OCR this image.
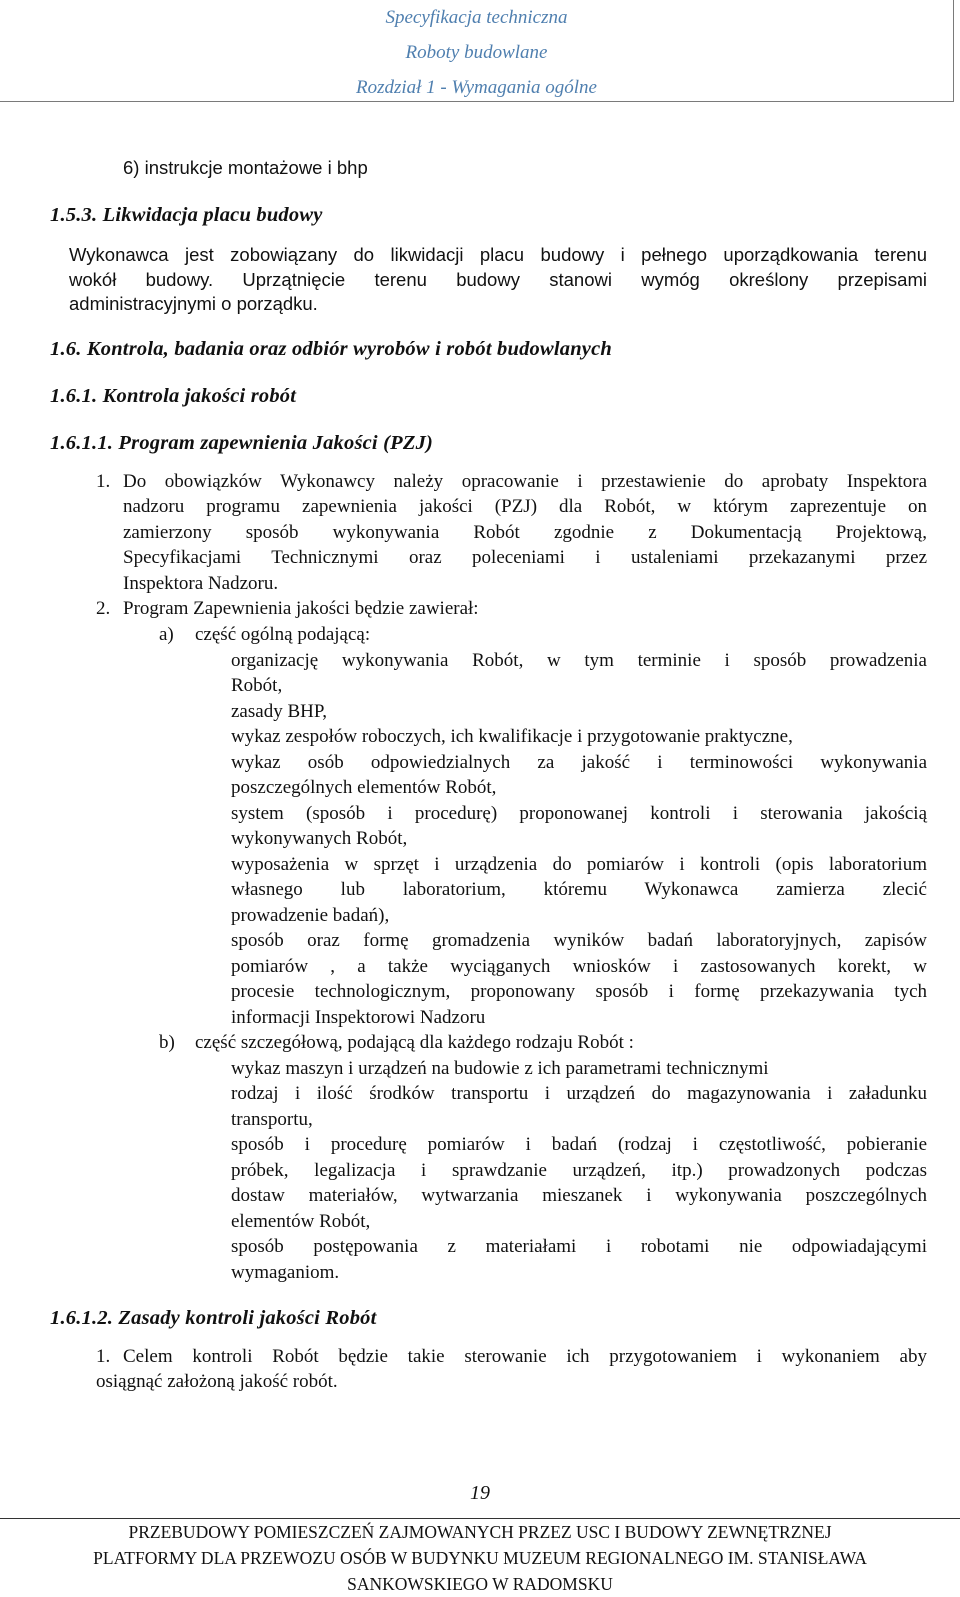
Specyfikacja techniczna
Roboty budowlane
Rozdział 1 - Wymagania ogólne
6) instrukcje montażowe i bhp
1.5.3. Likwidacja placu budowy
Wykonawca jest zobowiązany do likwidacji placu budowy i pełnego uporządkowania terenu
wokół budowy. Uprzątnięcie terenu budowy stanowi wymóg określony przepisami
administracyjnymi o porządku.
1.6. Kontrola, badania oraz odbiór wyrobów i robót budowlanych
1.6.1. Kontrola jakości robót
1.6.1.1. Program zapewnienia Jakości (PZJ)
1. Do obowiązków Wykonawcy należy opracowanie i przestawienie do aprobaty Inspektora
nadzoru programu zapewnienia jakości (PZJ) dla Robót, w którym zaprezentuje on
zamierzony sposób wykonywania Robót zgodnie z Dokumentacją Projektową,
Specyfikacjami Technicznymi oraz poleceniami i ustaleniami przekazanymi przez
Inspektora Nadzoru.
2. Program Zapewnienia jakości będzie zawierał:
a) część ogólną podającą:
organizację wykonywania Robót, w tym terminie i sposób prowadzenia
Robót,
zasady BHP,
wykaz zespołów roboczych, ich kwalifikacje i przygotowanie praktyczne,
wykaz osób odpowiedzialnych za jakość i terminowości wykonywania
poszczególnych elementów Robót,
system (sposób i procedurę) proponowanej kontroli i sterowania jakością
wykonywanych Robót,
wyposażenia w sprzęt i urządzenia do pomiarów i kontroli (opis laboratorium
własnego lub laboratorium, któremu Wykonawca zamierza zlecić
prowadzenie badań),
sposób oraz formę gromadzenia wyników badań laboratoryjnych, zapisów
pomiarów , a także wyciąganych wniosków i zastosowanych korekt, w
procesie technologicznym, proponowany sposób i formę przekazywania tych
informacji Inspektorowi Nadzoru
b) część szczegółową, podającą dla każdego rodzaju Robót :
wykaz maszyn i urządzeń na budowie z ich parametrami technicznymi
rodzaj i ilość środków transportu i urządzeń do magazynowania i załadunku
transportu,
sposób i procedurę pomiarów i badań (rodzaj i częstotliwość, pobieranie
próbek, legalizacja i sprawdzanie urządzeń, itp.) prowadzonych podczas
dostaw materiałów, wytwarzania mieszanek i wykonywania poszczególnych
elementów Robót,
sposób postępowania z materiałami i robotami nie odpowiadającymi
wymaganiom.
1.6.1.2. Zasady kontroli jakości Robót
1. Celem kontroli Robót będzie takie sterowanie ich przygotowaniem i wykonaniem aby
osiągnąć założoną jakość robót.
19
PRZEBUDOWY POMIESZCZEŃ ZAJMOWANYCH PRZEZ USC I BUDOWY ZEWNĘTRZNEJ
PLATFORMY DLA PRZEWOZU OSÓB W BUDYNKU MUZEUM REGIONALNEGO IM. STANISŁAWA
SANKOWSKIEGO W RADOMSKU
